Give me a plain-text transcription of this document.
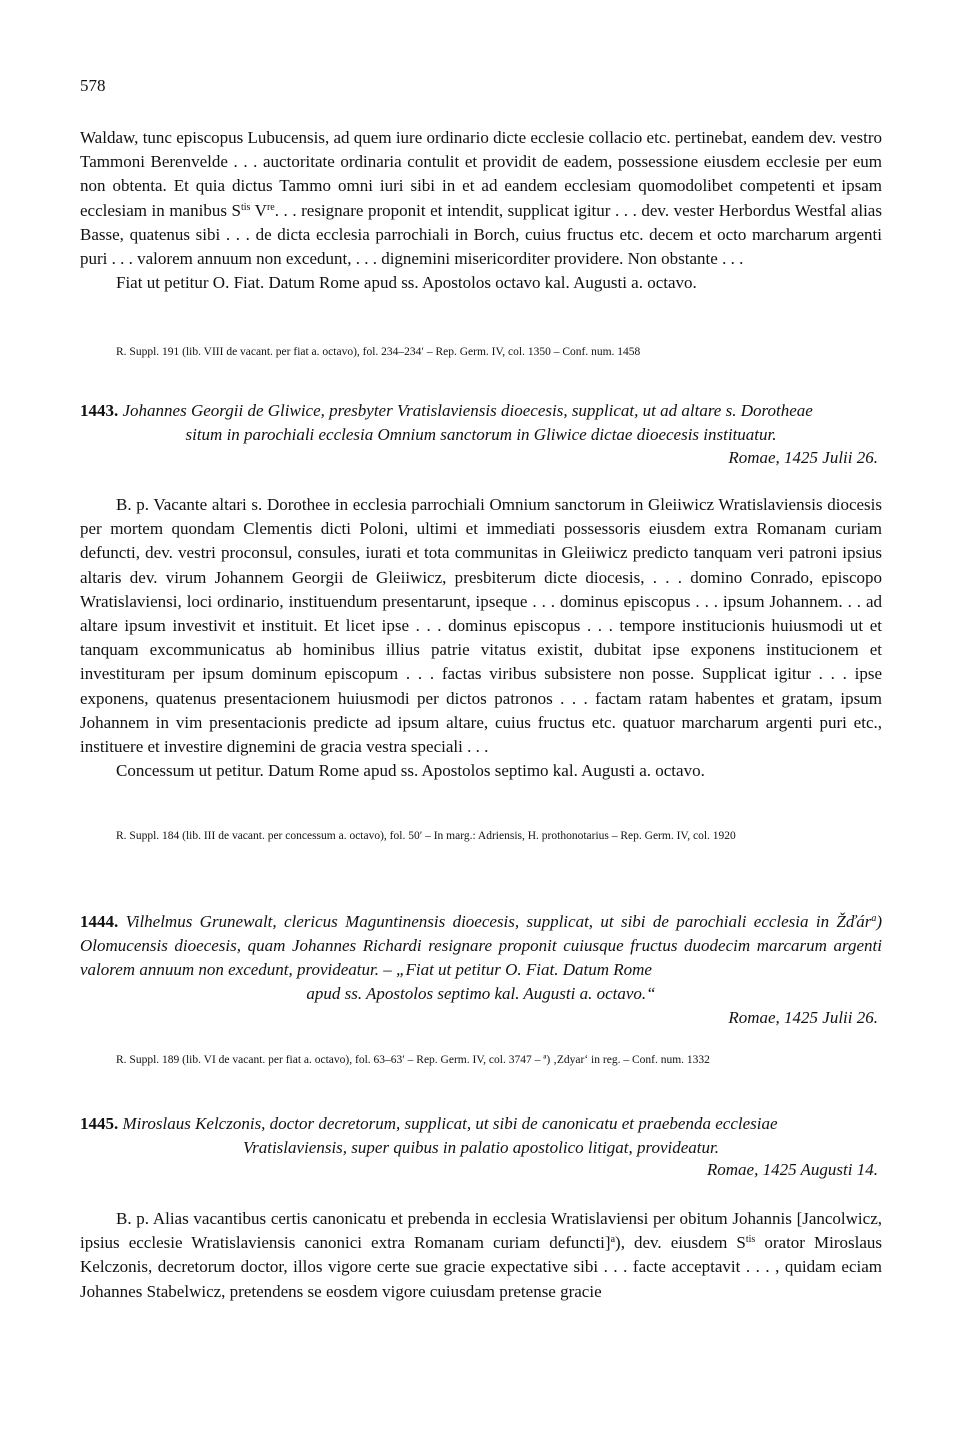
578

Waldaw, tunc episcopus Lubucensis, ad quem iure ordinario dicte ecclesie collacio etc. pertinebat, eandem dev. vestro Tammoni Berenvelde . . . auctoritate ordinaria contulit et providit de eadem, possessione eiusdem ecclesie per eum non obtenta. Et quia dictus Tammo omni iuri sibi in et ad eandem ecclesiam quomodolibet competenti et ipsam ecclesiam in manibus $S^{tis}$ Vre. . . resignare proponit et intendit, supplicat igitur . . . dev. vester Herbordus Westfal alias Basse, quatenus sibi . . . de dicta ecclesia parrochiali in Borch, cuius fructus etc. decem et octo marcharum argenti puri . . . valorem annuum non excedunt, . . . dignemini misericorditer providere. Non obstante . . .

Fiat ut petitur O. Fiat. Datum Rome apud ss. Apostolos octavo kal. Augusti a. octavo.

R. Suppl. 191 (lib. VIII de vacant. per fiat a. octavo), fol. 234–234′ – Rep. Germ. IV, col. 1350 – Conf. num. 1458
1443. Johannes Georgii de Gliwice, presbyter Vratislaviensis dioecesis, supplicat, ut ad altare s. Dorotheae
situm in parochiali ecclesia Omnium sanctorum in Gliwice dictae dioecesis instituatur.
Romae, 1425 Julii 26.

B. p. Vacante altari s. Dorothee in ecclesia parrochiali Omnium sanctorum in Gleiiwicz Wratislaviensis diocesis per mortem quondam Clementis dicti Poloni, ultimi et immediati possessoris eiusdem extra Romanam curiam defuncti, dev. vestri proconsul, consules, iurati et tota communitas in Gleiiwicz predicto tanquam veri patroni ipsius altaris dev. virum Johannem Georgii de Gleiiwicz, presbiterum dicte diocesis, . . . domino Conrado, episcopo Wratislaviensi, loci ordinario, instituendum presentarunt, ipseque . . . dominus episcopus . . . ipsum Johannem. . . ad altare ipsum investivit et instituit. Et licet ipse . . . dominus episcopus . . . tempore institucionis huiusmodi ut et tanquam excommunicatus ab hominibus illius patrie vitatus existit, dubitat ipse exponens institucionem et investituram per ipsum dominum episcopum . . . factas viribus subsistere non posse. Supplicat igitur . . . ipse exponens, quatenus presentacionem huiusmodi per dictos patronos . . . factam ratam habentes et gratam, ipsum Johannem in vim presentacionis predicte ad ipsum altare, cuius fructus etc. quatuor marcharum argenti puri etc., instituere et investire dignemini de gracia vestra speciali . . .

Concessum ut petitur. Datum Rome apud ss. Apostolos septimo kal. Augusti a. octavo.

R. Suppl. 184 (lib. III de vacant. per concessum a. octavo), fol. 50′ – In marg.: Adriensis, H. prothonotarius – Rep. Germ. IV, col. 1920
1444. Vilhelmus Grunewalt, clericus Maguntinensis dioecesis, supplicat, ut sibi de parochiali ecclesia in Žďár$^a$) Olomucensis dioecesis, quam Johannes Richardi resignare proponit cuiusque fructus duodecim marcarum argenti valorem annuum non excedunt, provideatur. – „Fiat ut petitur O. Fiat. Datum Rome
apud ss. Apostolos septimo kal. Augusti a. octavo.“
Romae, 1425 Julii 26.
R. Suppl. 189 (lib. VI de vacant. per fiat a. octavo), fol. 63–63′ – Rep. Germ. IV, col. 3747 – ª) ‚Zdyar‘ in reg. – Conf. num. 1332
1445. Miroslaus Kelczonis, doctor decretorum, supplicat, ut sibi de canonicatu et praebenda ecclesiae
Vratislaviensis, super quibus in palatio apostolico litigat, provideatur.
Romae, 1425 Augusti 14.

B. p. Alias vacantibus certis canonicatu et prebenda in ecclesia Wratislaviensi per obitum Johannis [Jancolwicz, ipsius ecclesie Wratislaviensis canonici extra Romanam curiam defuncti]$^a$), dev. eiusdem $S^{tis}$ orator Miroslaus Kelczonis, decretorum doctor, illos vigore certe sue gracie expectative sibi . . . facte acceptavit . . . , quidam eciam Johannes Stabelwicz, pretendens se eosdem vigore cuiusdam pretense gracie
